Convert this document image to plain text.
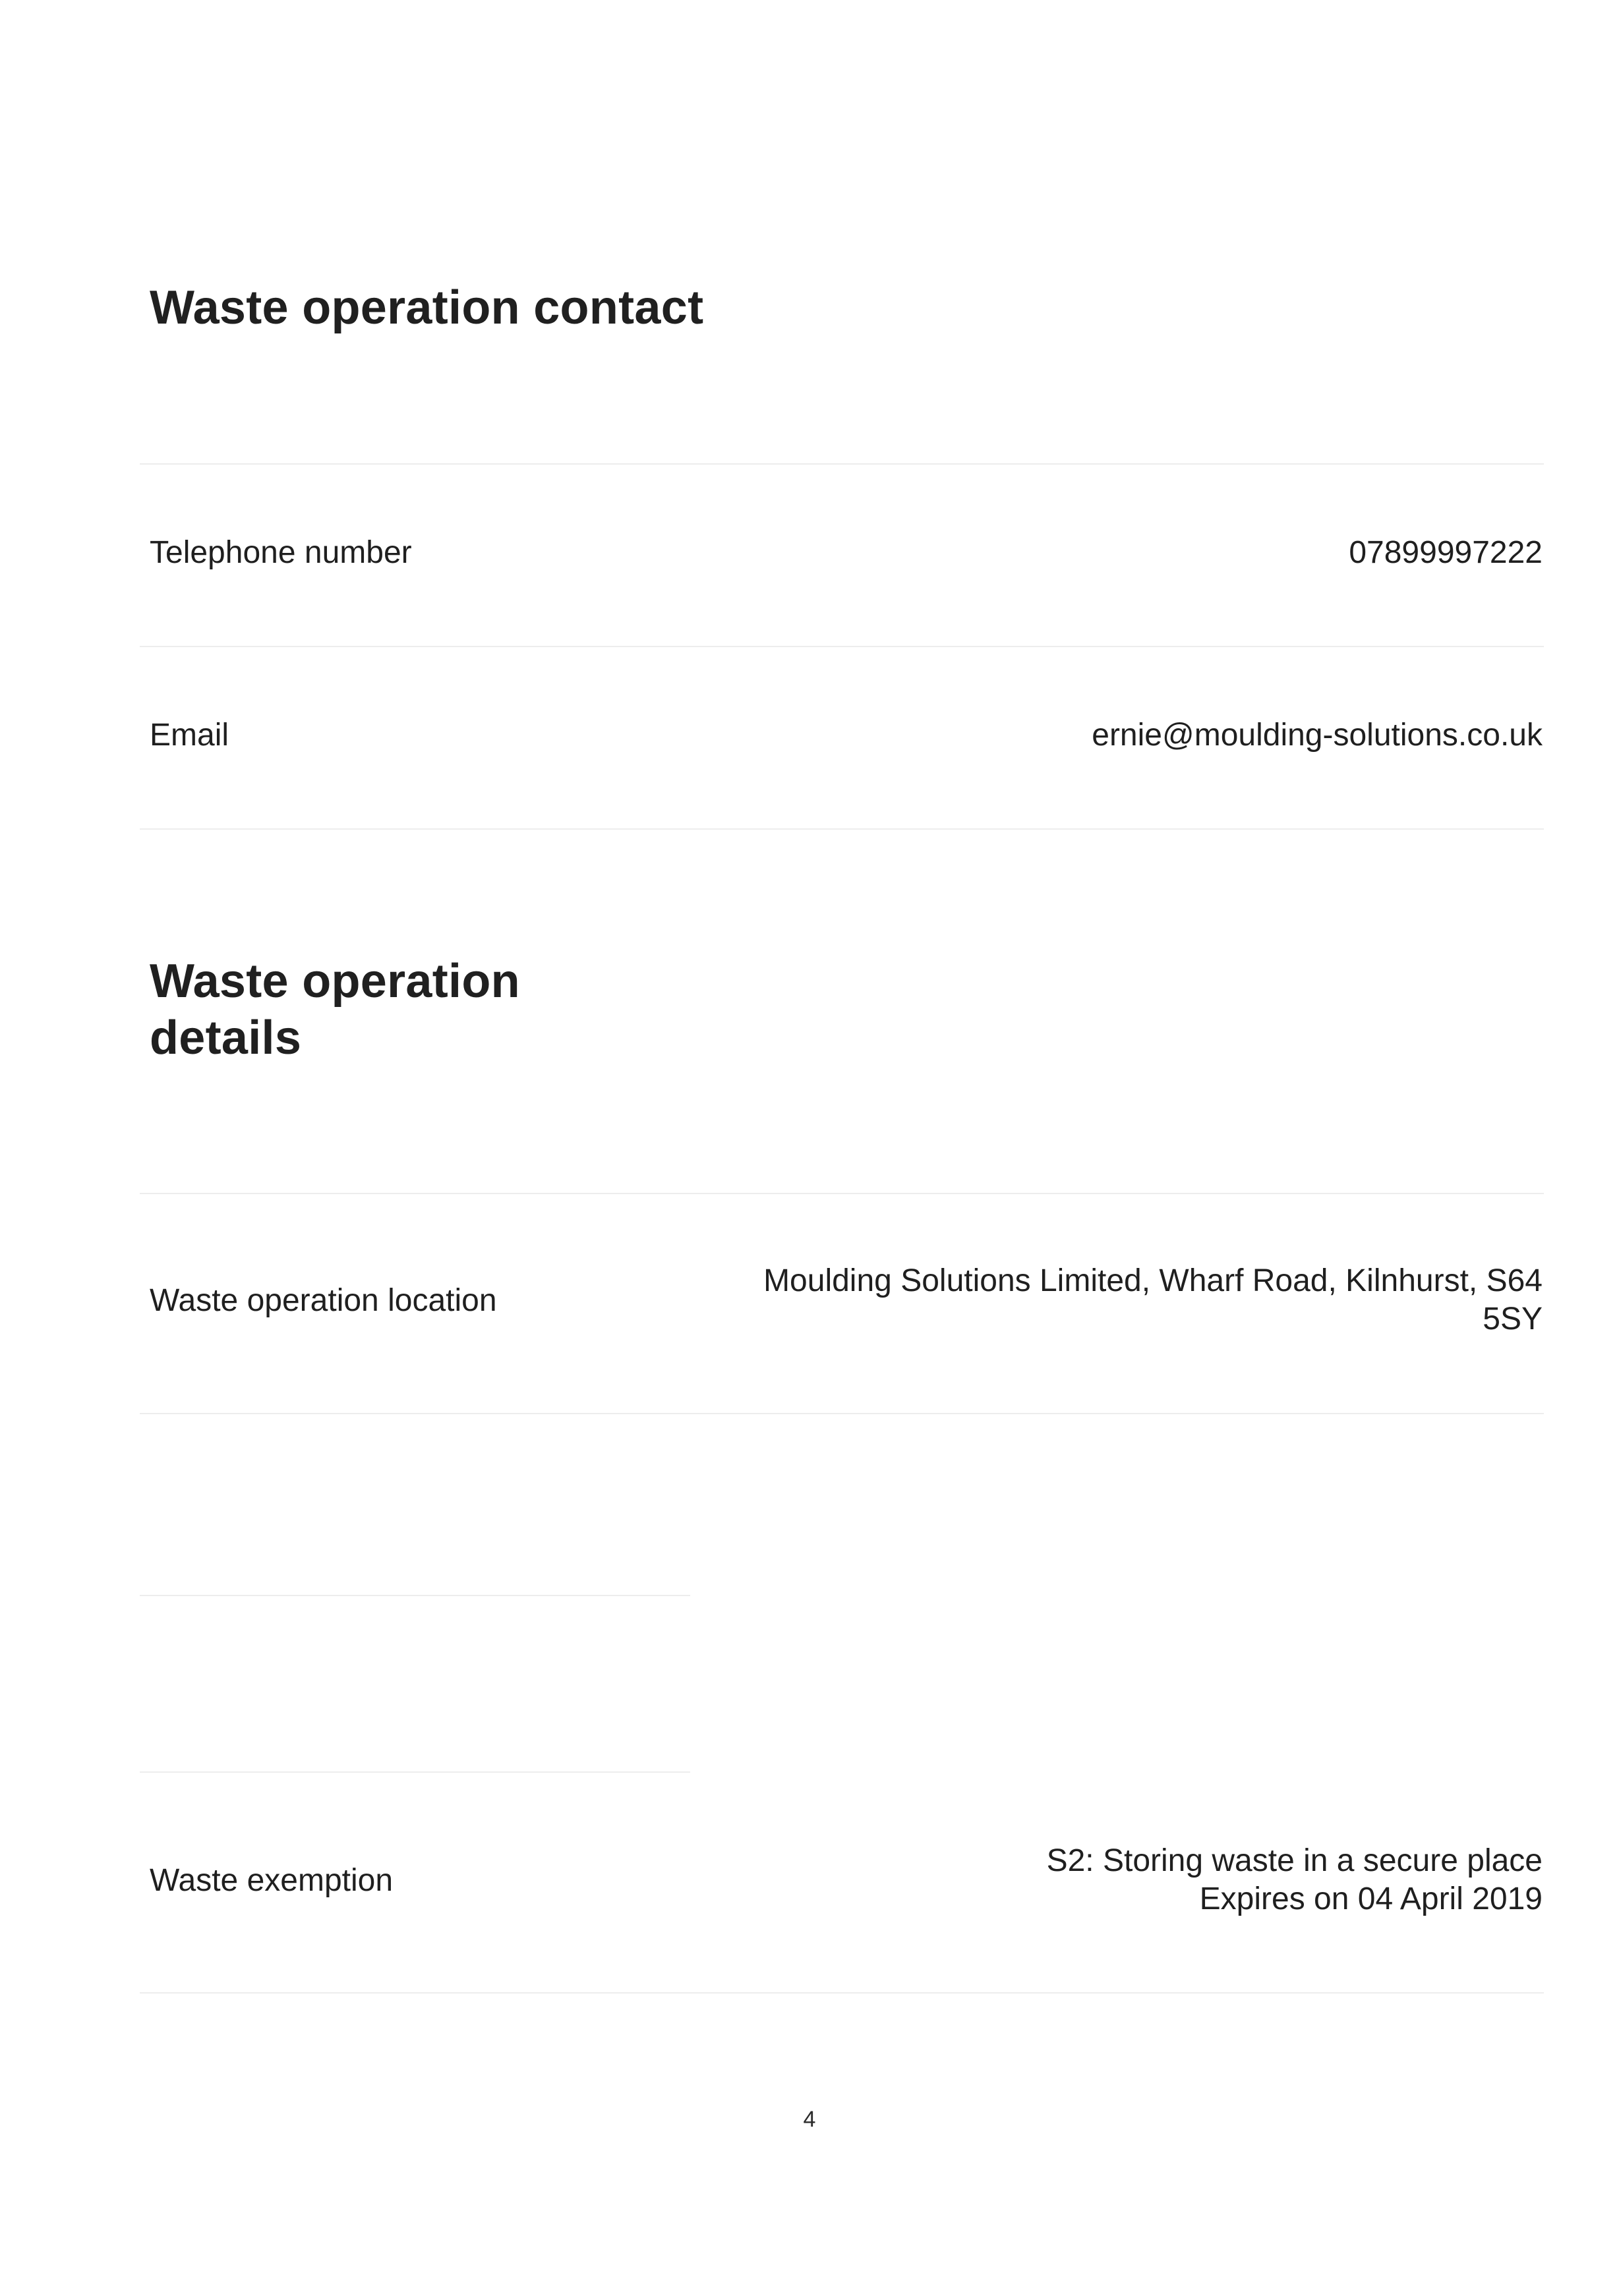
Waste operation contact
Telephone number	07899997222
Email	ernie@moulding-solutions.co.uk
Waste operation
details
Waste operation location
Moulding Solutions Limited, Wharf Road, Kilnhurst, S64
5SY
Waste exemption
S2: Storing waste in a secure place
Expires on 04 April 2019
4
